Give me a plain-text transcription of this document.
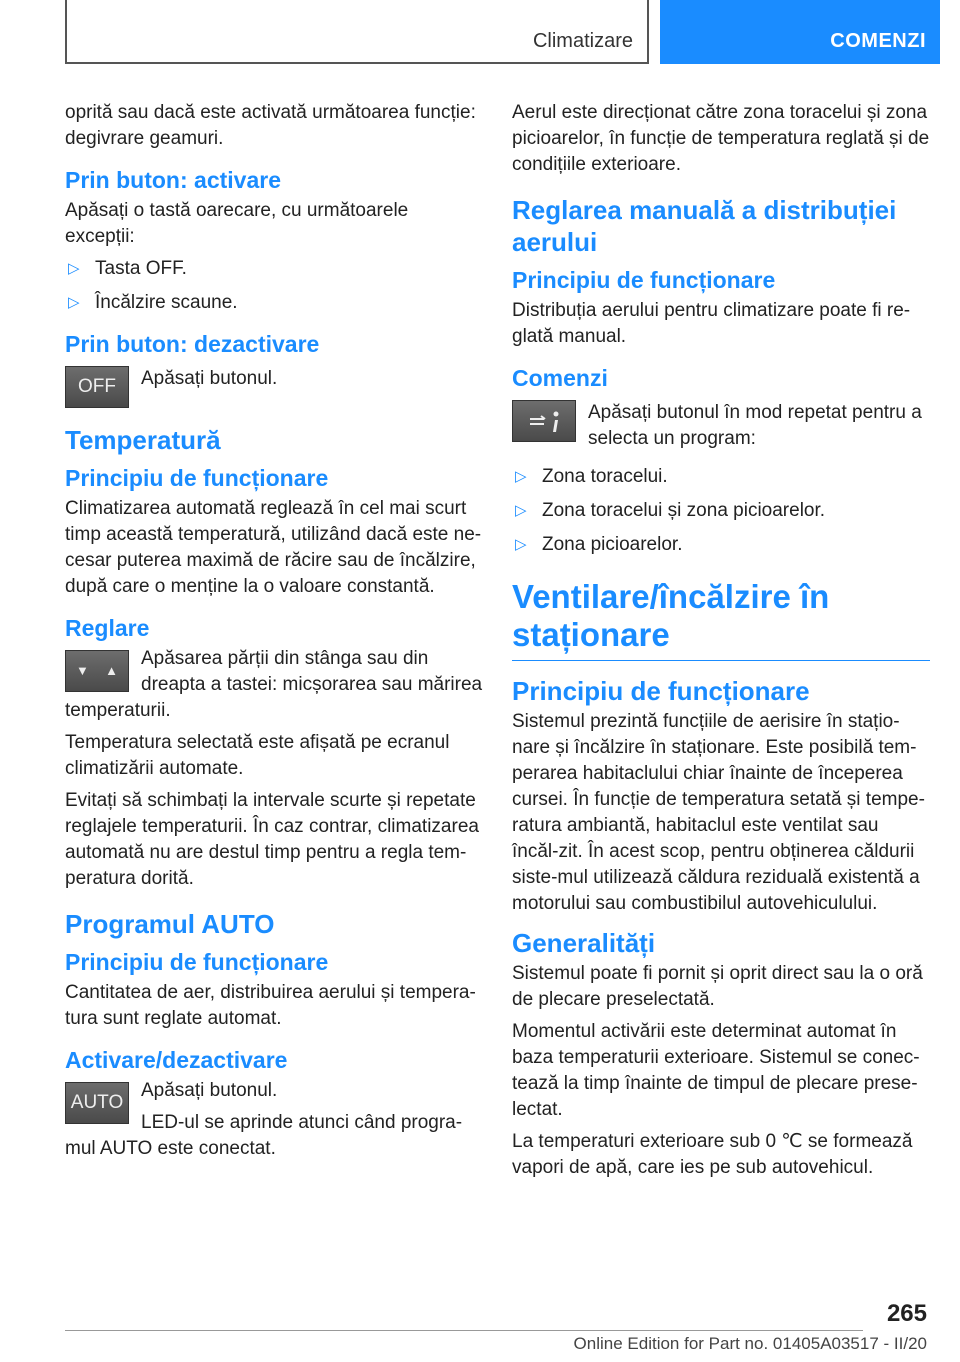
Climatizare	COMENZI

oprită sau dacă este activată următoarea funcție: degivrare geamuri.

Prin buton: activare

Apăsați o tastă oarecare, cu următoarele excepții:

▷ Tasta OFF.
▷ Încălzire scaune.
Prin buton: dezactivare
OFF	Apăsați butonul.
Temperatură
Principiu de funcționare

Climatizarea automată reglează în cel mai scurt timp această temperatură, utilizând dacă este ne-cesar puterea maximă de răcire sau de încălzire, după care o menține la o valoare constantă.

Reglare
▼ ▲
Apăsarea părții din stânga sau din dreapta a tastei: micșorarea sau mărirea temperaturii.

Temperatura selectată este afișată pe ecranul climatizării automate.

Evitați să schimbați la intervale scurte și repetate reglajele temperaturii. În caz contrar, climatizarea automată nu are destul timp pentru a regla tem-peratura dorită.

Programul AUTO
Principiu de funcționare

Cantitatea de aer, distribuirea aerului și tempera-tura sunt reglate automat.

Activare/dezactivare
AUTO

Apăsați butonul.

LED-ul se aprinde atunci când progra-mul AUTO este conectat.

Aerul este direcționat către zona toracelui și zona picioarelor, în funcție de temperatura reglată și de condițiile exterioare.

Reglarea manuală a distribuției aerului
Principiu de funcționare

Distribuția aerului pentru climatizare poate fi re-glată manual.

Comenzi
Apăsați butonul în mod repetat pentru a selecta un program:
▷ Zona toracelui.
▷ Zona toracelui și zona picioarelor.
▷ Zona picioarelor.
Ventilare/încălzire în staționare
Principiu de funcționare

Sistemul prezintă funcțiile de aerisire în stațio-nare și încălzire în staționare. Este posibilă tem-perarea habitaclului chiar înainte de începerea cursei. În funcție de temperatura setată și tempe-ratura ambiantă, habitaclul este ventilat sau încăl-zit. În acest scop, pentru obținerea căldurii siste-mul utilizează căldura reziduală existentă a motorului sau combustibilul autovehiculului.

Generalități

Sistemul poate fi pornit și oprit direct sau la o oră de plecare preselectată.

Momentul activării este determinat automat în baza temperaturii exterioare. Sistemul se conec-tează la timp înainte de timpul de plecare prese-lectat.

La temperaturi exterioare sub 0 ℃ se formează vapori de apă, care ies pe sub autovehicul.

265
Online Edition for Part no. 01405A03517 - II/20
